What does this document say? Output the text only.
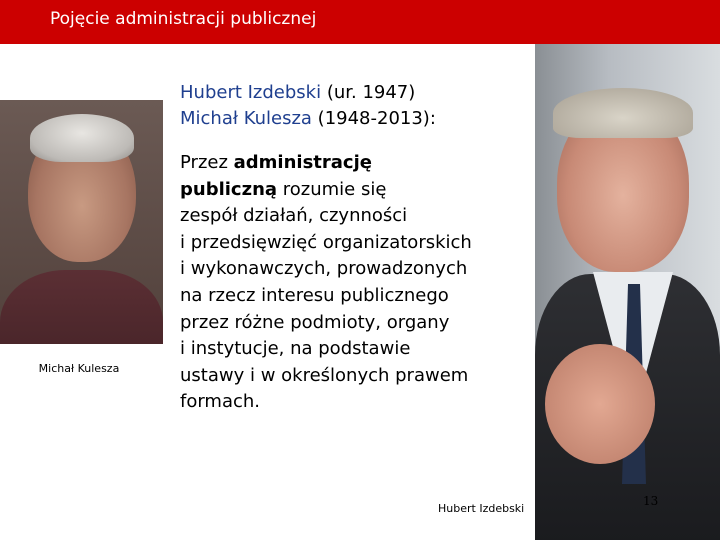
Pojęcie administracji publicznej
Michał Kulesza
Hubert Izdebski (ur. 1947)
Michał Kulesza (1948-2013):
Przez administrację
publiczną rozumie się
zespół działań, czynności
i przedsięwzięć organizatorskich
i wykonawczych, prowadzonych
na rzecz interesu publicznego
przez różne podmioty, organy
i instytucje, na podstawie
ustawy i w określonych prawem
formach.
Hubert Izdebski
13
